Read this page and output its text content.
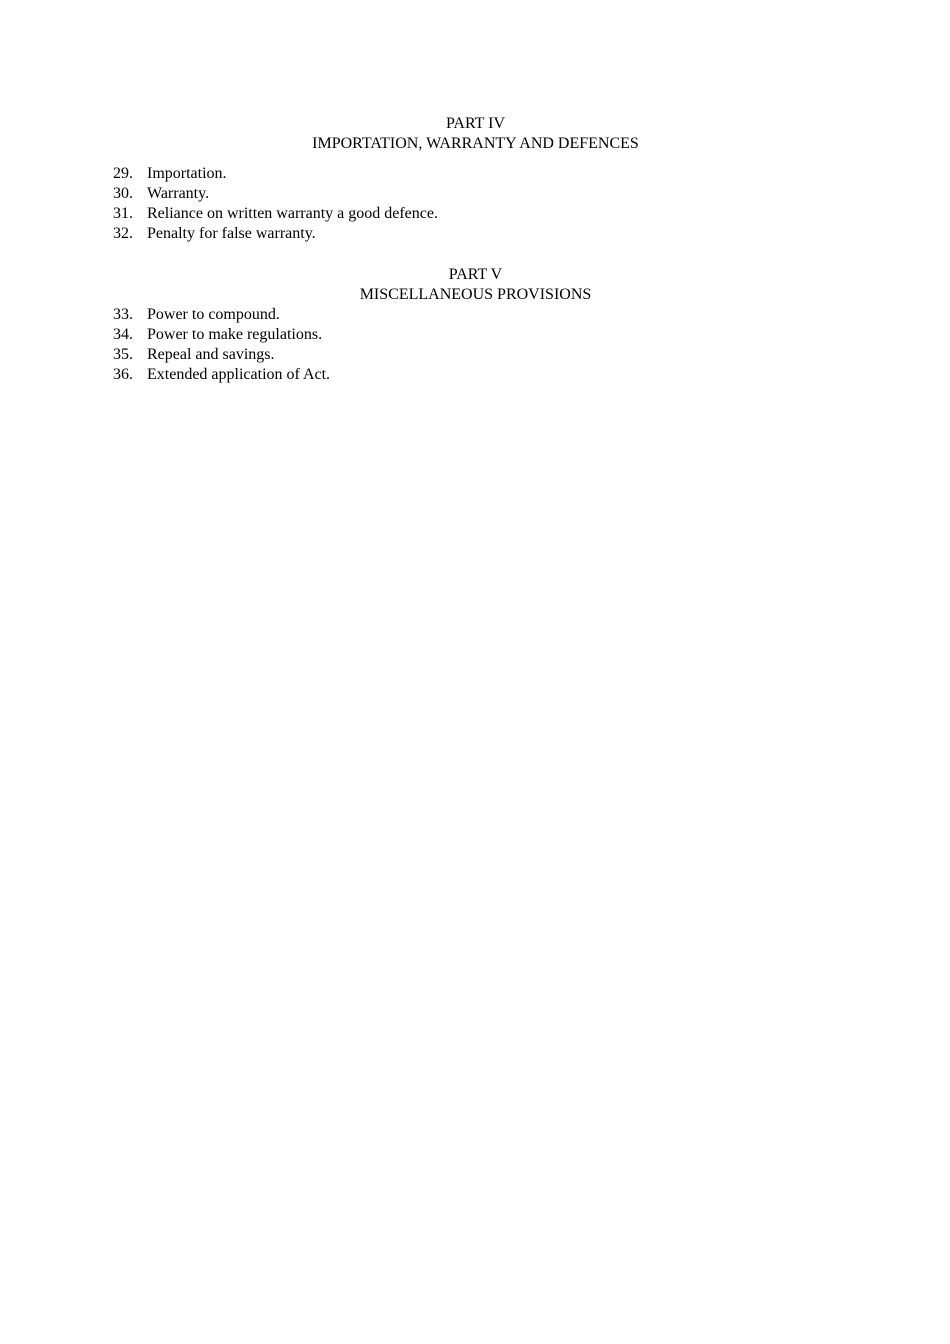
PART IV
IMPORTATION, WARRANTY AND DEFENCES
29. Importation.
30. Warranty.
31. Reliance on written warranty a good defence.
32. Penalty for false warranty.
PART V
MISCELLANEOUS PROVISIONS
33. Power to compound.
34. Power to make regulations.
35. Repeal and savings.
36. Extended application of Act.
